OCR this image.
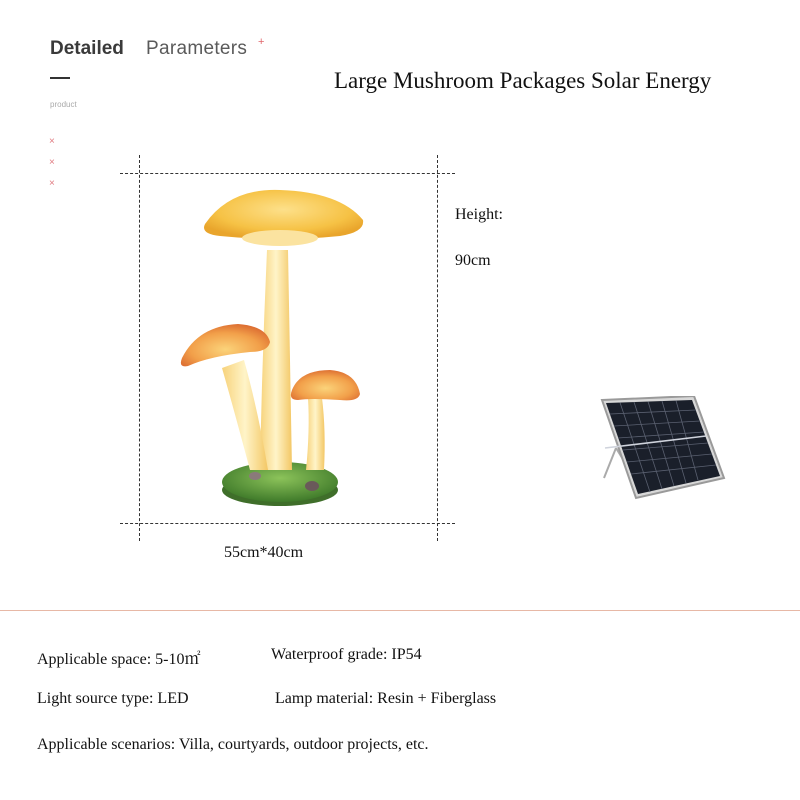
Detailed Parameters +
product
×
×
×
Large Mushroom Packages Solar Energy
Height:
90cm
55cm*40cm
Applicable space: 5-10㎡	Waterproof grade: IP54
Light source type: LED	Lamp material: Resin + Fiberglass
Applicable scenarios: Villa, courtyards, outdoor projects, etc.
